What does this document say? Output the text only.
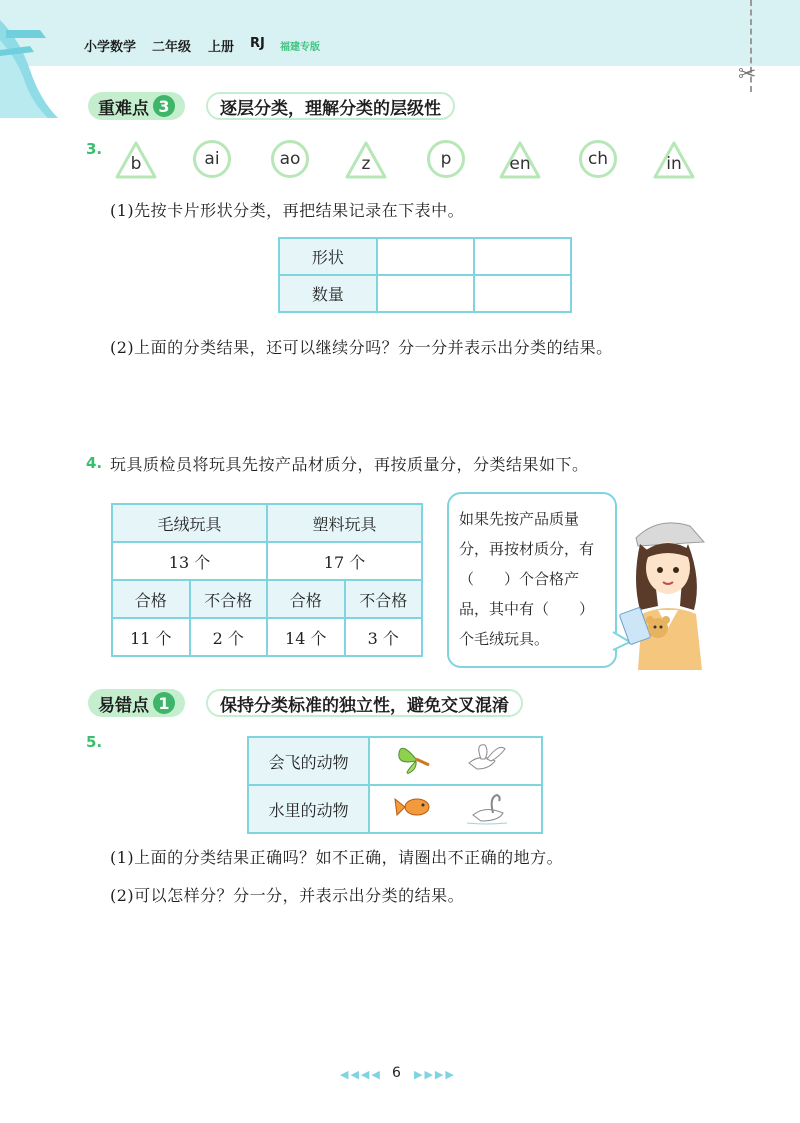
小学数学 二年级 上册 RJ 福建专版
✂
重难点 3	逐层分类，理解分类的层级性
3.
b	ai	ao	z	p	en	ch	in
(1)先按卡片形状分类，再把结果记录在下表中。
形状		
数量		
(2)上面的分类结果，还可以继续分吗？分一分并表示出分类的结果。
4. 玩具质检员将玩具先按产品材质分，再按质量分，分类结果如下。
毛绒玩具		塑料玩具	
13 个		17 个	
合格	不合格	合格	不合格
11 个	2 个	14 个	3 个
如果先按产品质量
分，再按材质分，有
（　　）个合格产
品，其中有（　　）
个毛绒玩具。
易错点 1	保持分类标准的独立性，避免交叉混淆
5.
会飞的动物	
水里的动物	
(1)上面的分类结果正确吗？如不正确，请圈出不正确的地方。
(2)可以怎样分？分一分，并表示出分类的结果。
◀◀◀◀ 6 ▶▶▶▶
